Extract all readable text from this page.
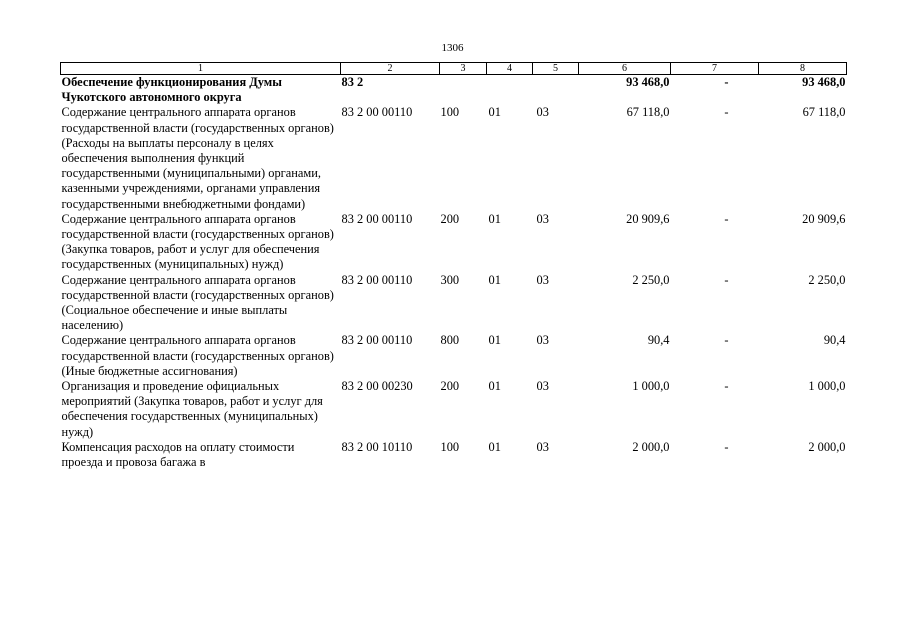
1306
1	2	3	4	5	6	7	8
Обеспечение функционирования Думы Чукотского автономного округа	83 2				93 468,0	-	93 468,0
Содержание центрального аппарата органов государственной власти (государственных органов) (Расходы на выплаты персоналу в целях обеспечения выполнения функций государственными (муниципальными) органами, казенными учреждениями, органами управления государственными внебюджетными фондами)	83 2 00 00110	100	01	03	67 118,0	-	67 118,0
Содержание центрального аппарата органов государственной власти (государственных органов) (Закупка товаров, работ и услуг для обеспечения государственных (муниципальных) нужд)	83 2 00 00110	200	01	03	20 909,6	-	20 909,6
Содержание центрального аппарата органов государственной власти (государственных органов) (Социальное обеспечение и иные выплаты населению)	83 2 00 00110	300	01	03	2 250,0	-	2 250,0
Содержание центрального аппарата органов государственной власти (государственных органов) (Иные бюджетные ассигнования)	83 2 00 00110	800	01	03	90,4	-	90,4
Организация и проведение официальных мероприятий (Закупка товаров, работ и услуг для обеспечения государственных (муниципальных) нужд)	83 2 00 00230	200	01	03	1 000,0	-	1 000,0
Компенсация расходов на оплату стоимости проезда и провоза багажа в	83 2 00 10110	100	01	03	2 000,0	-	2 000,0
